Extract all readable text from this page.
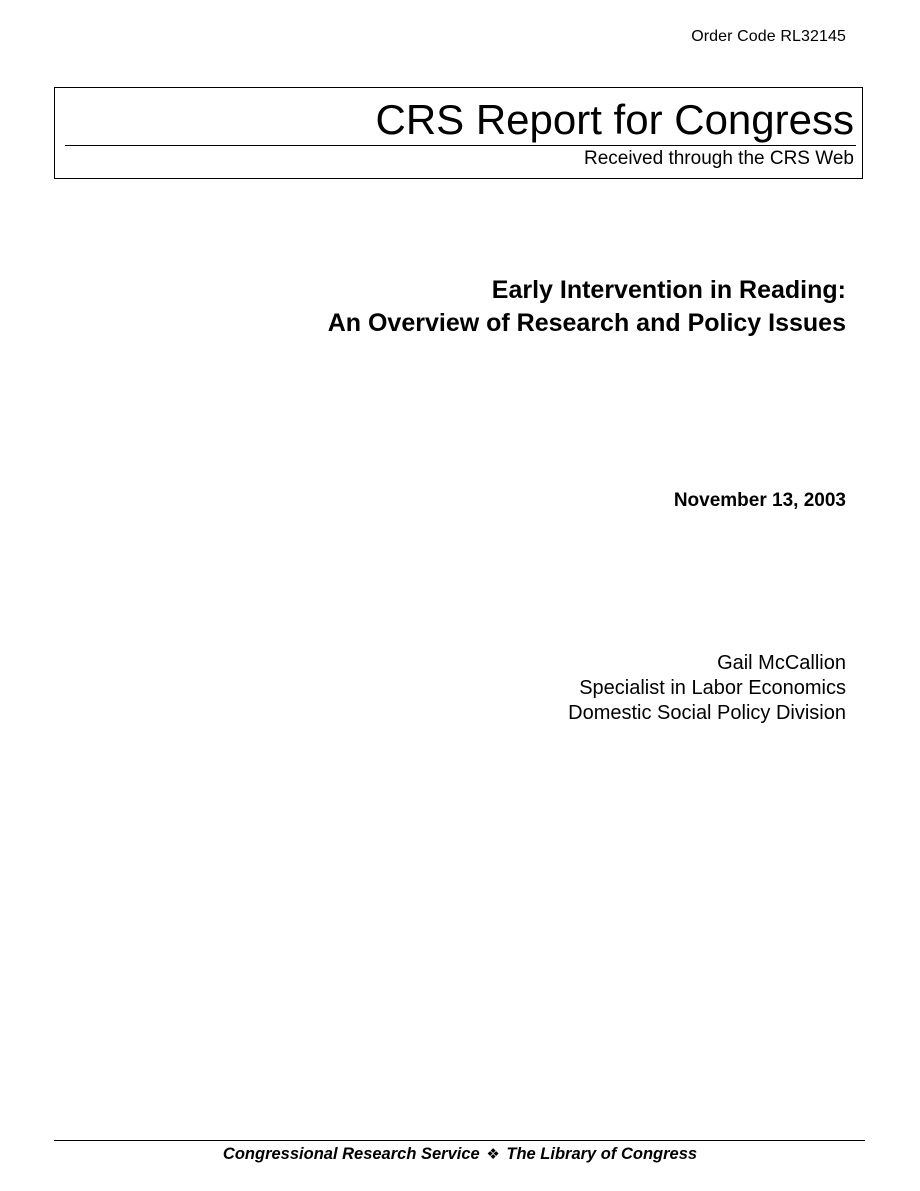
Order Code RL32145
CRS Report for Congress
Received through the CRS Web
Early Intervention in Reading:
An Overview of Research and Policy Issues
November 13, 2003
Gail McCallion
Specialist in Labor Economics
Domestic Social Policy Division
Congressional Research Service ❖ The Library of Congress
